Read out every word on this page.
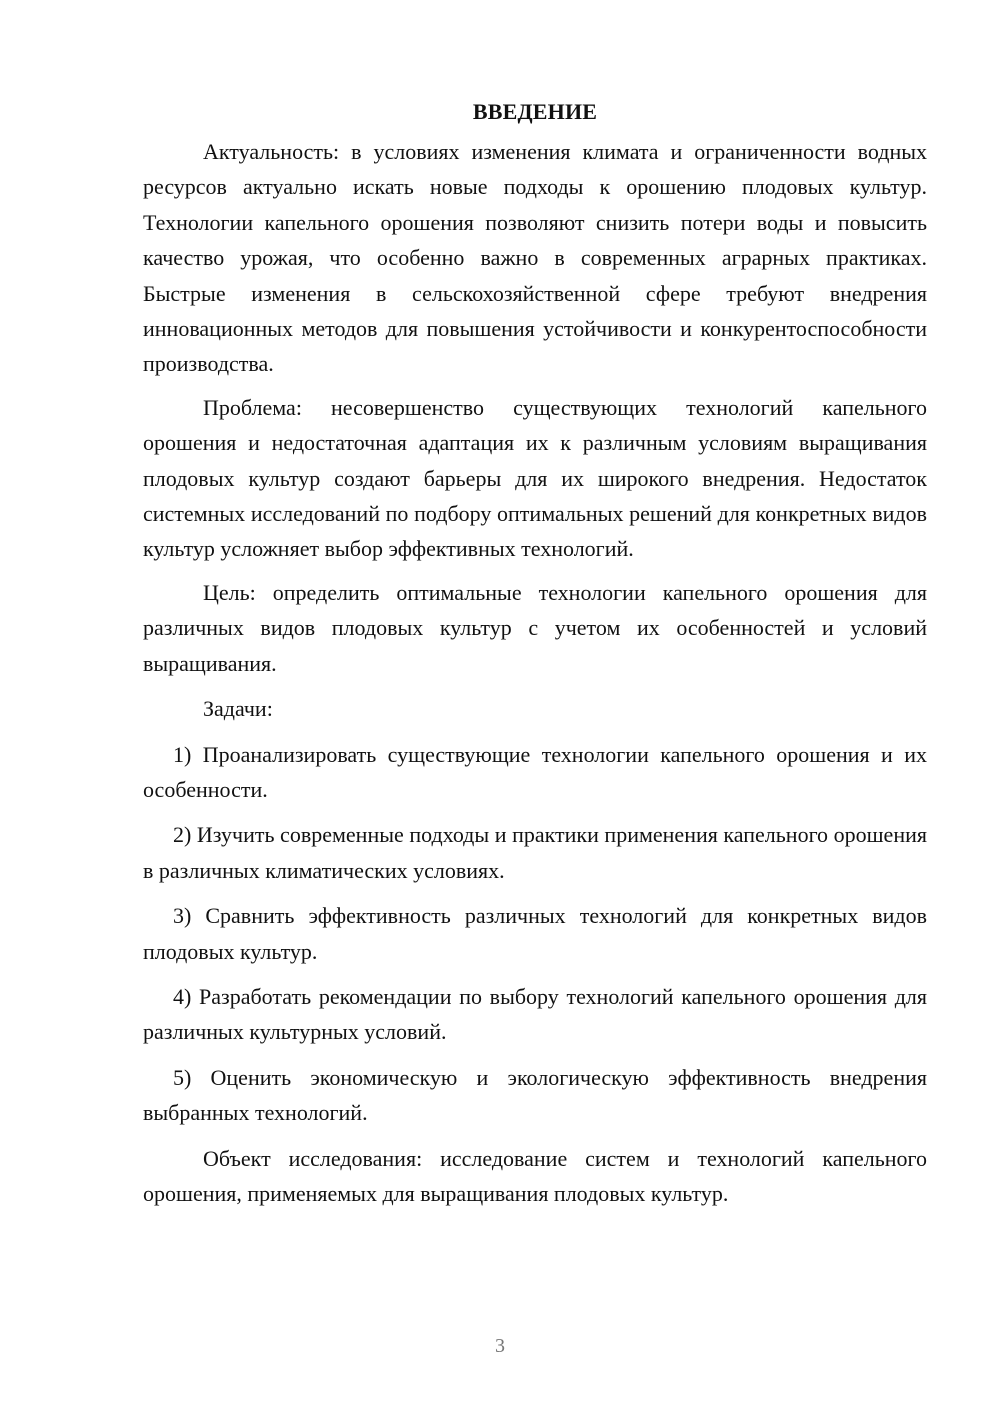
ВВЕДЕНИЕ

Актуальность: в условиях изменения климата и ограниченности водных ресурсов актуально искать новые подходы к орошению плодовых культур. Технологии капельного орошения позволяют снизить потери воды и повысить качество урожая, что особенно важно в современных аграрных практиках. Быстрые изменения в сельскохозяйственной сфере требуют внедрения инновационных методов для повышения устойчивости и конкурентоспособности производства.

Проблема: несовершенство существующих технологий капельного орошения и недостаточная адаптация их к различным условиям выращивания плодовых культур создают барьеры для их широкого внедрения. Недостаток системных исследований по подбору оптимальных решений для конкретных видов культур усложняет выбор эффективных технологий.

Цель: определить оптимальные технологии капельного орошения для различных видов плодовых культур с учетом их особенностей и условий выращивания.

Задачи:

1) Проанализировать существующие технологии капельного орошения и их особенности.

2) Изучить современные подходы и практики применения капельного орошения в различных климатических условиях.

3) Сравнить эффективность различных технологий для конкретных видов плодовых культур.

4) Разработать рекомендации по выбору технологий капельного орошения для различных культурных условий.

5) Оценить экономическую и экологическую эффективность внедрения выбранных технологий.

Объект исследования: исследование систем и технологий капельного орошения, применяемых для выращивания плодовых культур.

3
